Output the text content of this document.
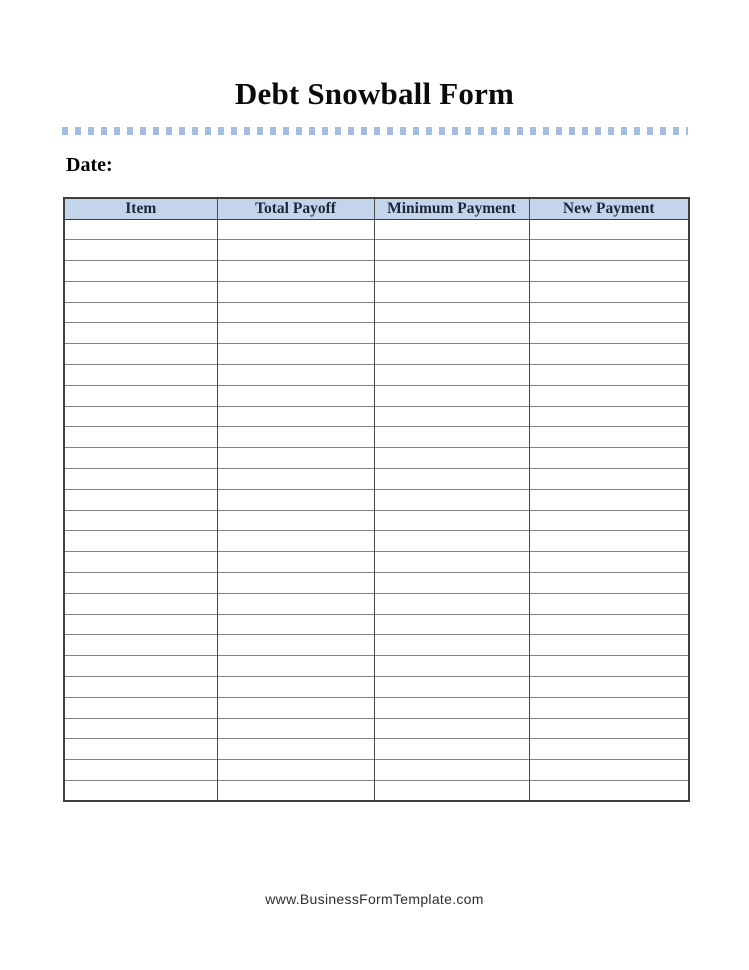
Debt Snowball Form
Date:
Item	Total Payoff	Minimum Payment	New Payment

www.BusinessFormTemplate.com
